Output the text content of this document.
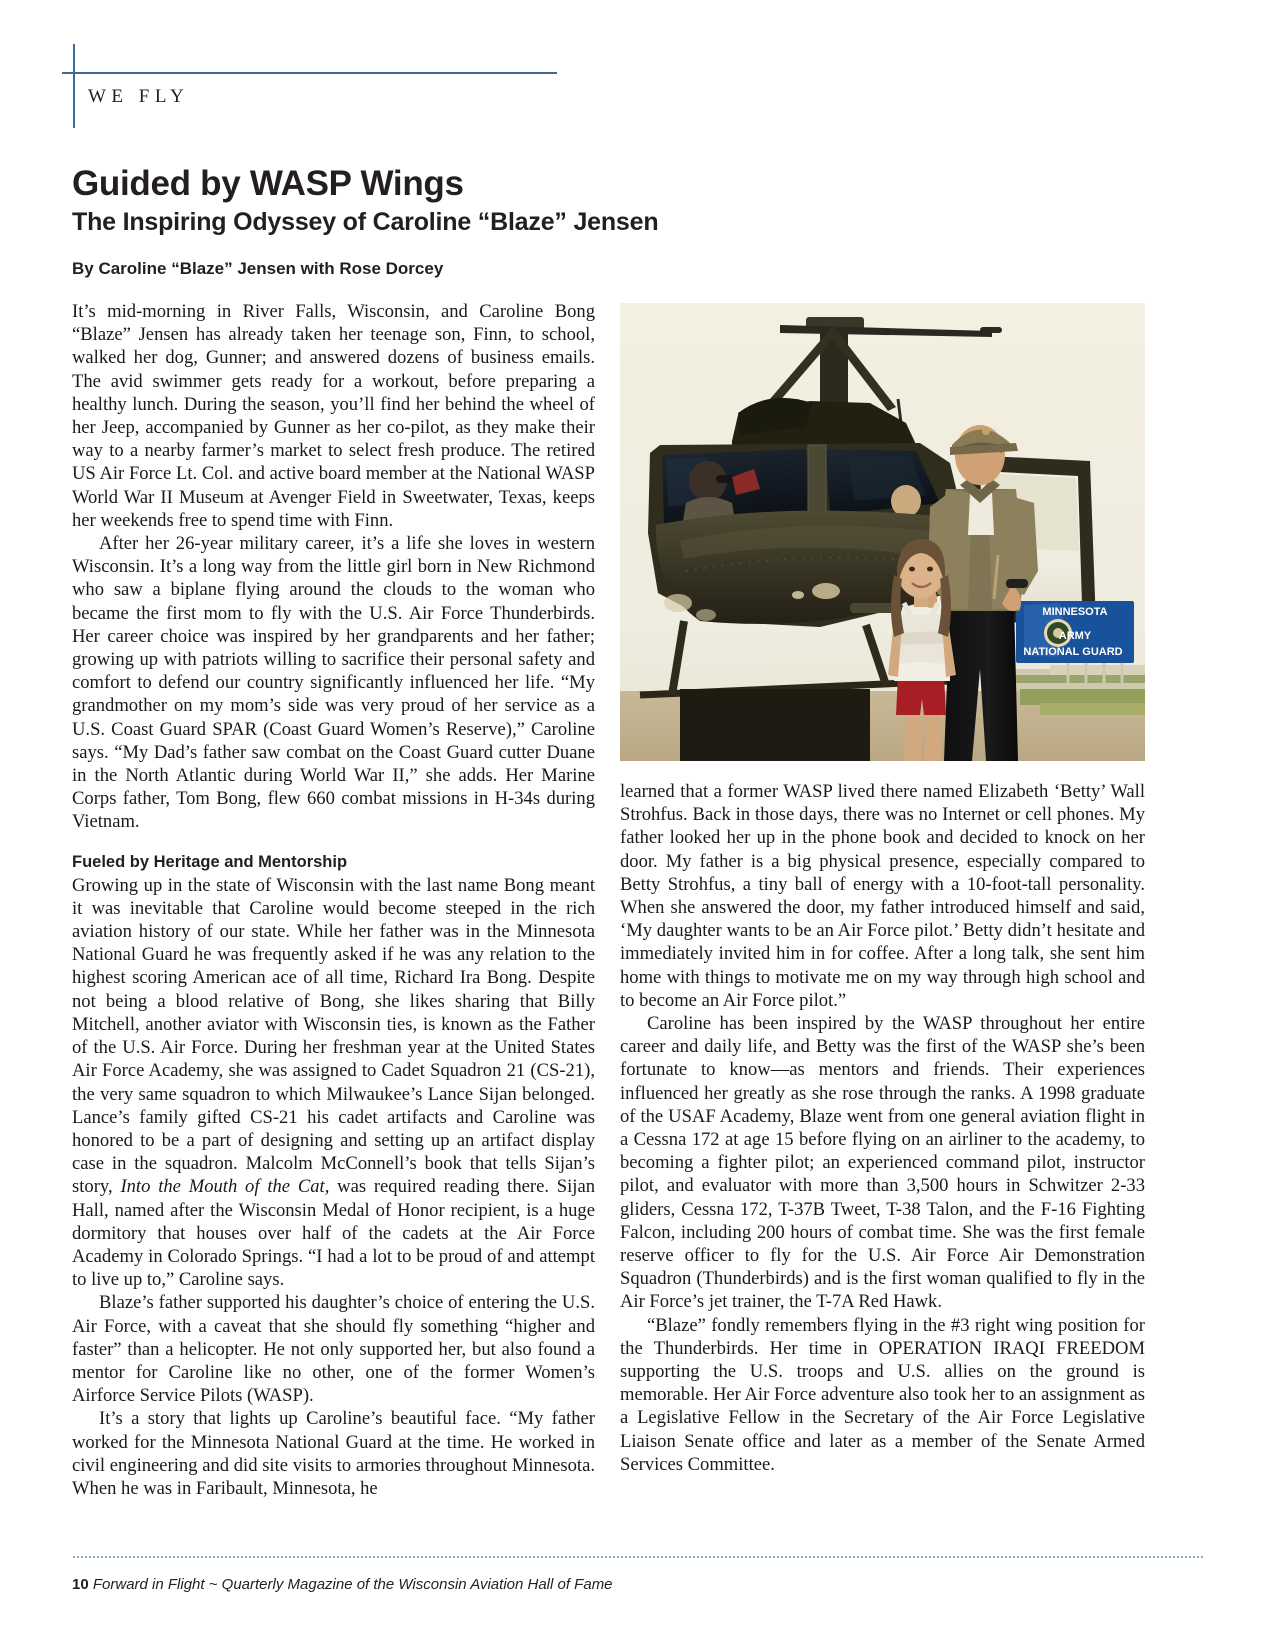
WE FLY
Guided by WASP Wings
The Inspiring Odyssey of Caroline “Blaze” Jensen
By Caroline “Blaze” Jensen with Rose Dorcey
MINNESOTA
ARMY
NATIONAL GUARD

It’s mid-morning in River Falls, Wisconsin, and Caroline Bong “Blaze” Jensen has already taken her teenage son, Finn, to school, walked her dog, Gunner; and answered dozens of business emails. The avid swimmer gets ready for a workout, before preparing a healthy lunch. During the season, you’ll find her behind the wheel of her Jeep, accompanied by Gunner as her co-pilot, as they make their way to a nearby farmer’s market to select fresh produce. The retired US Air Force Lt. Col. and active board member at the National WASP World War II Museum at Avenger Field in Sweetwater, Texas, keeps her weekends free to spend time with Finn.

After her 26-year military career, it’s a life she loves in western Wisconsin. It’s a long way from the little girl born in New Richmond who saw a biplane flying around the clouds to the woman who became the first mom to fly with the U.S. Air Force Thunderbirds. Her career choice was inspired by her grandparents and her father; growing up with patriots willing to sacrifice their personal safety and comfort to defend our country significantly influenced her life. “My grandmother on my mom’s side was very proud of her service as a U.S. Coast Guard SPAR (Coast Guard Women’s Reserve),” Caroline says. “My Dad’s father saw combat on the Coast Guard cutter Duane in the North Atlantic during World War II,” she adds. Her Marine Corps father, Tom Bong, flew 660 combat missions in H-34s during Vietnam.

Fueled by Heritage and Mentorship

Growing up in the state of Wisconsin with the last name Bong meant it was inevitable that Caroline would become steeped in the rich aviation history of our state. While her father was in the Minnesota National Guard he was frequently asked if he was any relation to the highest scoring American ace of all time, Richard Ira Bong. Despite not being a blood relative of Bong, she likes sharing that Billy Mitchell, another aviator with Wisconsin ties, is known as the Father of the U.S. Air Force. During her freshman year at the United States Air Force Academy, she was assigned to Cadet Squadron 21 (CS-21), the very same squadron to which Milwaukee’s Lance Sijan belonged. Lance’s family gifted CS-21 his cadet artifacts and Caroline was honored to be a part of designing and setting up an artifact display case in the squadron. Malcolm McConnell’s book that tells Sijan’s story, Into the Mouth of the Cat, was required reading there. Sijan Hall, named after the Wisconsin Medal of Honor recipient, is a huge dormitory that houses over half of the cadets at the Air Force Academy in Colorado Springs. “I had a lot to be proud of and attempt to live up to,” Caroline says.

Blaze’s father supported his daughter’s choice of entering the U.S. Air Force, with a caveat that she should fly something “higher and faster” than a helicopter. He not only supported her, but also found a mentor for Caroline like no other, one of the former Women’s Airforce Service Pilots (WASP).

It’s a story that lights up Caroline’s beautiful face. “My father worked for the Minnesota National Guard at the time. He worked in civil engineering and did site visits to armories throughout Minnesota. When he was in Faribault, Minnesota, he

learned that a former WASP lived there named Elizabeth ‘Betty’ Wall Strohfus. Back in those days, there was no Internet or cell phones. My father looked her up in the phone book and decided to knock on her door. My father is a big physical presence, especially compared to Betty Strohfus, a tiny ball of energy with a 10-foot-tall personality. When she answered the door, my father introduced himself and said, ‘My daughter wants to be an Air Force pilot.’ Betty didn’t hesitate and immediately invited him in for coffee. After a long talk, she sent him home with things to motivate me on my way through high school and to become an Air Force pilot.”

Caroline has been inspired by the WASP throughout her entire career and daily life, and Betty was the first of the WASP she’s been fortunate to know—as mentors and friends. Their experiences influenced her greatly as she rose through the ranks. A 1998 graduate of the USAF Academy, Blaze went from one general aviation flight in a Cessna 172 at age 15 before flying on an airliner to the academy, to becoming a fighter pilot; an experienced command pilot, instructor pilot, and evaluator with more than 3,500 hours in Schwitzer 2-33 gliders, Cessna 172, T-37B Tweet, T-38 Talon, and the F-16 Fighting Falcon, including 200 hours of combat time. She was the first female reserve officer to fly for the U.S. Air Force Air Demonstration Squadron (Thunderbirds) and is the first woman qualified to fly in the Air Force’s jet trainer, the T-7A Red Hawk.

“Blaze” fondly remembers flying in the #3 right wing position for the Thunderbirds. Her time in OPERATION IRAQI FREEDOM supporting the U.S. troops and U.S. allies on the ground is memorable. Her Air Force adventure also took her to an assignment as a Legislative Fellow in the Secretary of the Air Force Legislative Liaison Senate office and later as a member of the Senate Armed Services Committee.

10 Forward in Flight ~ Quarterly Magazine of the Wisconsin Aviation Hall of Fame
